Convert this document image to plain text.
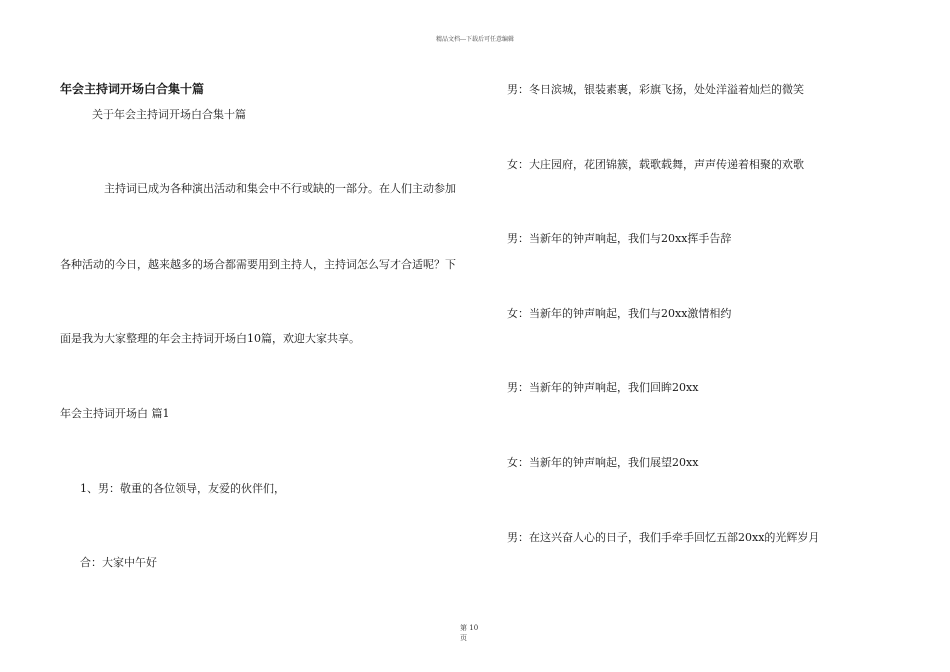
精品文档---下载后可任意编辑
年会主持词开场白合集十篇
关于年会主持词开场白合集十篇
主持词已成为各种演出活动和集会中不行或缺的一部分。在人们主动参加
各种活动的今日，越来越多的场合都需要用到主持人，主持词怎么写才合适呢？下
面是我为大家整理的年会主持词开场白10篇，欢迎大家共享。
年会主持词开场白 篇1
1、男：敬重的各位领导，友爱的伙伴们，
合：大家中午好
男：冬日滨城，银装素裹，彩旗飞扬，处处洋溢着灿烂的微笑
女：大庄园府，花团锦簇，载歌载舞，声声传递着相聚的欢歌
男：当新年的钟声响起，我们与20xx挥手告辞
女：当新年的钟声响起，我们与20xx激情相约
男：当新年的钟声响起，我们回眸20xx
女：当新年的钟声响起，我们展望20xx
男：在这兴奋人心的日子，我们手牵手回忆五部20xx的光辉岁月
第 10
页
